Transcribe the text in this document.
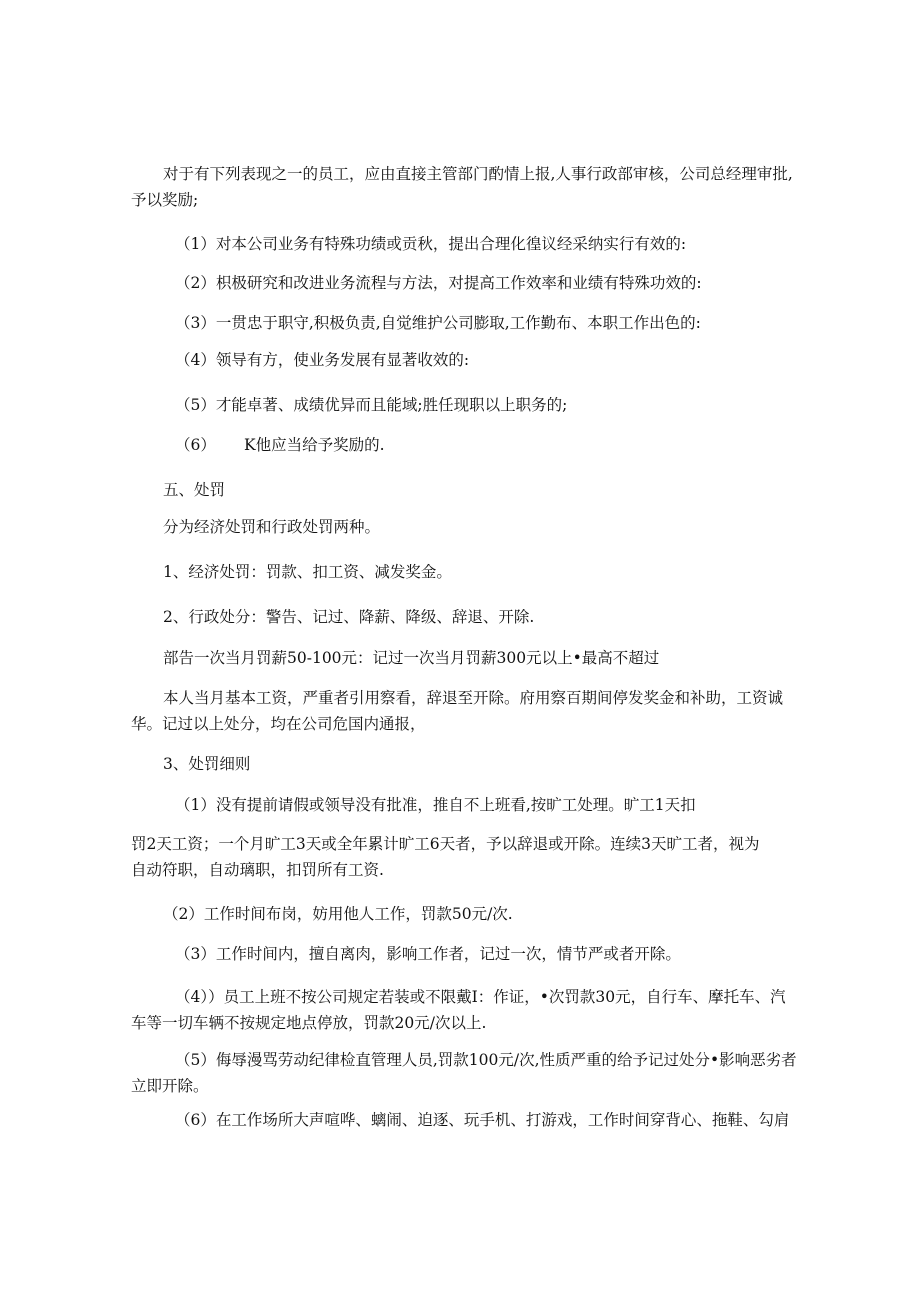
对于有下列表现之一的员工，应由直接主管部门酌情上报,人事行政部审核，公司总经理审批,

予以奖励;

（1）对本公司业务有特殊功绩或贡秋，提出合理化徨议经采纳实行有效的:

（2）枳极研究和改进业务流程与方法，对提高工作效率和业绩有特殊功效的:

（3）一贯忠于职守,积极负责,自觉维护公司膨取,工作勤布、本职工作出色的:

（4）领导有方，使业务发展有显著收效的:

（5）才能卓著、成绩优异而且能域;胜任现职以上职务的;

（6） K他应当给予奖励的.

五、处罚

分为经济处罚和行政处罚两种。

1、经济处罚：罚款、扣工资、减发奖金。

2、行政处分：警告、记过、降薪、降级、辞退、开除.

部告一次当月罚薪50-100元：记过一次当月罚薪300元以上•最高不超过

本人当月基本工资，严重者引用察看，辞退至开除。府用察百期间停发奖金和补助，工资诚

华。记过以上处分，均在公司危国内通报，

3、处罚细则

（1）没有提前请假或领导没有批准，推自不上班看,按旷工处理。旷工1天扣

罚2天工资；一个月旷工3天或全年累计旷工6天者，予以辞退或开除。连续3天旷工者，视为

自动符职，自动璃职，扣罚所有工资.

（2）工作时间布岗，妨用他人工作，罚款50元/次.

（3）工作时间内，擅自离肉，影响工作者，记过一次，情节严或者开除。

（4））员工上班不按公司规定若装或不限戴I：作证，•次罚款30元，自行车、摩托车、汽

车等一切车辆不按规定地点停放，罚款20元/次以上.

（5）侮辱漫骂劳动纪律检直管理人员,罚款100元/次,性质严重的给予记过处分•影响恶劣者

立即开除。

（6）在工作场所大声喧哗、螭闹、迫逐、玩手机、打游戏，工作时间穿背心、拖鞋、勾肩
